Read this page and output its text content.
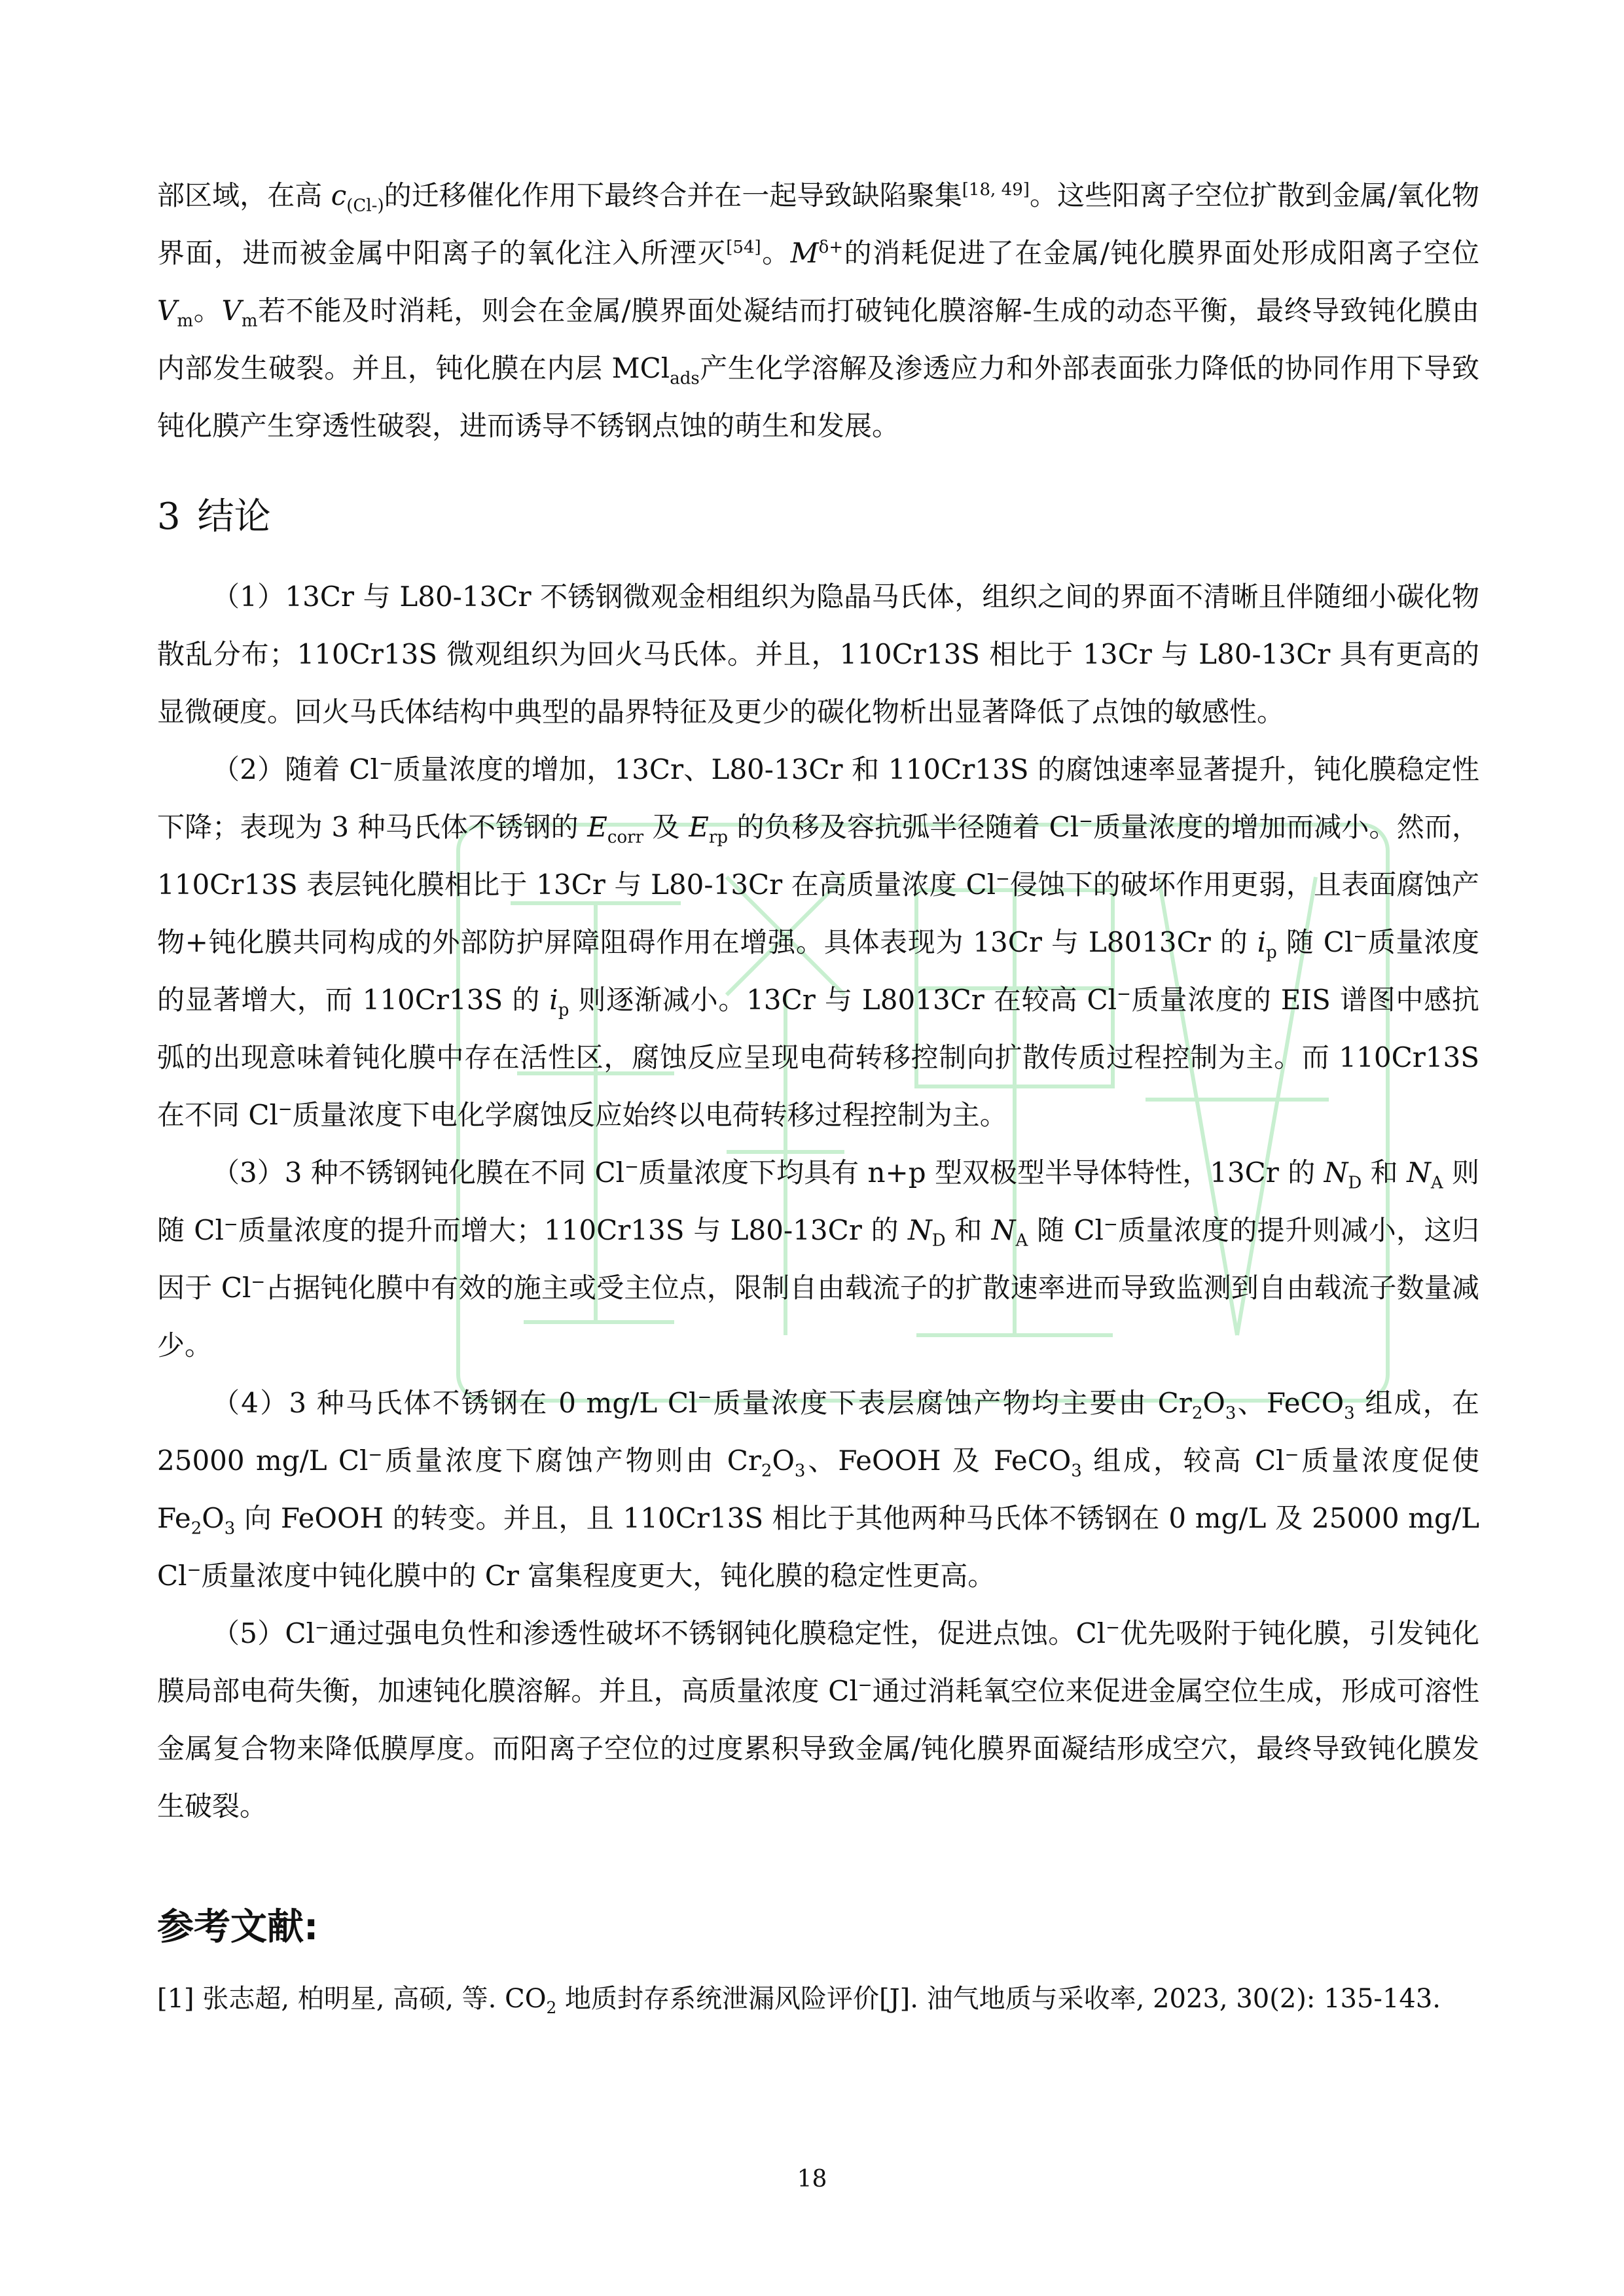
部区域，在高 $c_{(Cl-)}$的迁移催化作用下最终合并在一起导致缺陷聚集[18, 49]。这些阳离子空位扩散到金属/氧化物界面，进而被金属中阳离子的氧化注入所湮灭[54]。$M^{\delta+}$的消耗促进了在金属/钝化膜界面处形成阳离子空位 $V_m$。$V_m$若不能及时消耗，则会在金属/膜界面处凝结而打破钝化膜溶解-生成的动态平衡，最终导致钝化膜由内部发生破裂。并且，钝化膜在内层 MCl$_{ads}$产生化学溶解及渗透应力和外部表面张力降低的协同作用下导致钝化膜产生穿透性破裂，进而诱导不锈钢点蚀的萌生和发展。

3 结论

（1）13Cr 与 L80-13Cr 不锈钢微观金相组织为隐晶马氏体，组织之间的界面不清晰且伴随细小碳化物散乱分布；110Cr13S 微观组织为回火马氏体。并且，110Cr13S 相比于 13Cr 与 L80-13Cr 具有更高的显微硬度。回火马氏体结构中典型的晶界特征及更少的碳化物析出显著降低了点蚀的敏感性。

（2）随着 Cl−质量浓度的增加，13Cr、L80-13Cr 和 110Cr13S 的腐蚀速率显著提升，钝化膜稳定性下降；表现为 3 种马氏体不锈钢的 $E_{corr}$ 及 $E_{rp}$ 的负移及容抗弧半径随着 Cl−质量浓度的增加而减小。然而，110Cr13S 表层钝化膜相比于 13Cr 与 L80-13Cr 在高质量浓度 Cl−侵蚀下的破坏作用更弱，且表面腐蚀产物+钝化膜共同构成的外部防护屏障阻碍作用在增强。具体表现为 13Cr 与 L8013Cr 的 $i_p$ 随 Cl−质量浓度的显著增大，而 110Cr13S 的 $i_p$ 则逐渐减小。13Cr 与 L8013Cr 在较高 Cl−质量浓度的 EIS 谱图中感抗弧的出现意味着钝化膜中存在活性区，腐蚀反应呈现电荷转移控制向扩散传质过程控制为主。而 110Cr13S 在不同 Cl−质量浓度下电化学腐蚀反应始终以电荷转移过程控制为主。

（3）3 种不锈钢钝化膜在不同 Cl−质量浓度下均具有 n+p 型双极型半导体特性，13Cr 的 $N_D$ 和 $N_A$ 则随 Cl−质量浓度的提升而增大；110Cr13S 与 L80-13Cr 的 $N_D$ 和 $N_A$ 随 Cl−质量浓度的提升则减小，这归因于 Cl−占据钝化膜中有效的施主或受主位点，限制自由载流子的扩散速率进而导致监测到自由载流子数量减少。

（4）3 种马氏体不锈钢在 0 mg/L Cl−质量浓度下表层腐蚀产物均主要由 $Cr_2O_3$、FeCO$_3$ 组成，在 25000 mg/L Cl−质量浓度下腐蚀产物则由 $Cr_2O_3$、FeOOH 及 FeCO$_3$ 组成，较高 Cl−质量浓度促使 $Fe_2O_3$ 向 FeOOH 的转变。并且，且 110Cr13S 相比于其他两种马氏体不锈钢在 0 mg/L 及 25000 mg/L Cl−质量浓度中钝化膜中的 Cr 富集程度更大，钝化膜的稳定性更高。

（5）Cl−通过强电负性和渗透性破坏不锈钢钝化膜稳定性，促进点蚀。Cl−优先吸附于钝化膜，引发钝化膜局部电荷失衡，加速钝化膜溶解。并且，高质量浓度 Cl−通过消耗氧空位来促进金属空位生成，形成可溶性金属复合物来降低膜厚度。而阳离子空位的过度累积导致金属/钝化膜界面凝结形成空穴，最终导致钝化膜发生破裂。

参考文献:

[1] 张志超, 柏明星, 高硕, 等. $CO_2$ 地质封存系统泄漏风险评价[J]. 油气地质与采收率, 2023, 30(2): 135-143.

18
